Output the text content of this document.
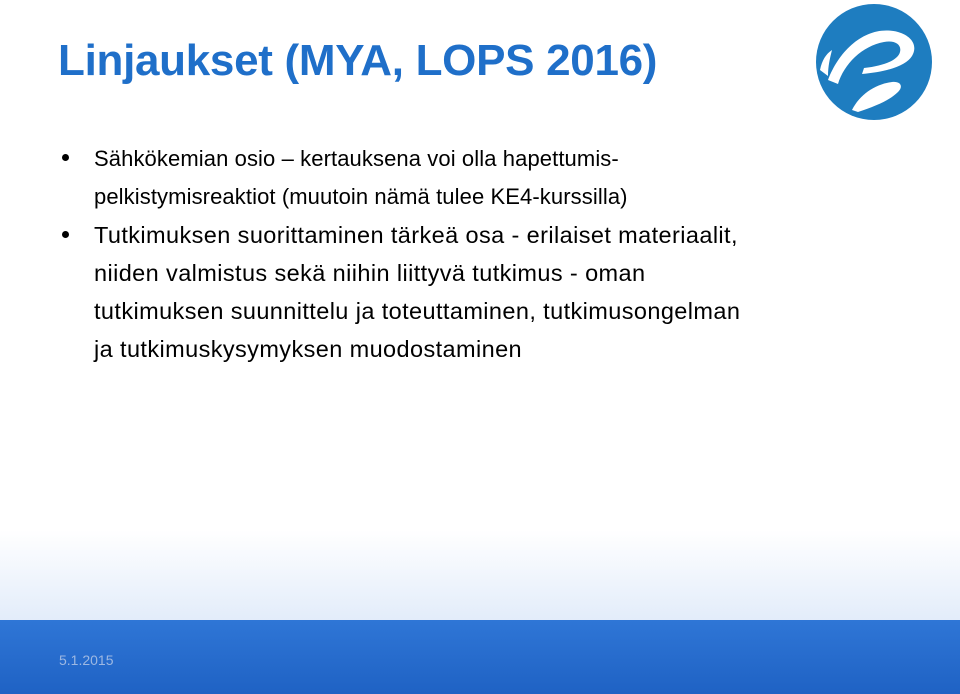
Linjaukset (MYA, LOPS 2016)
Sähkökemian osio – kertauksena voi olla hapettumis-
pelkistymisreaktiot (muutoin nämä tulee KE4-kurssilla)
Tutkimuksen suorittaminen tärkeä osa - erilaiset materiaalit,
niiden valmistus sekä niihin liittyvä tutkimus - oman
tutkimuksen suunnittelu ja toteuttaminen, tutkimusongelman
ja tutkimuskysymyksen muodostaminen
5.1.2015
